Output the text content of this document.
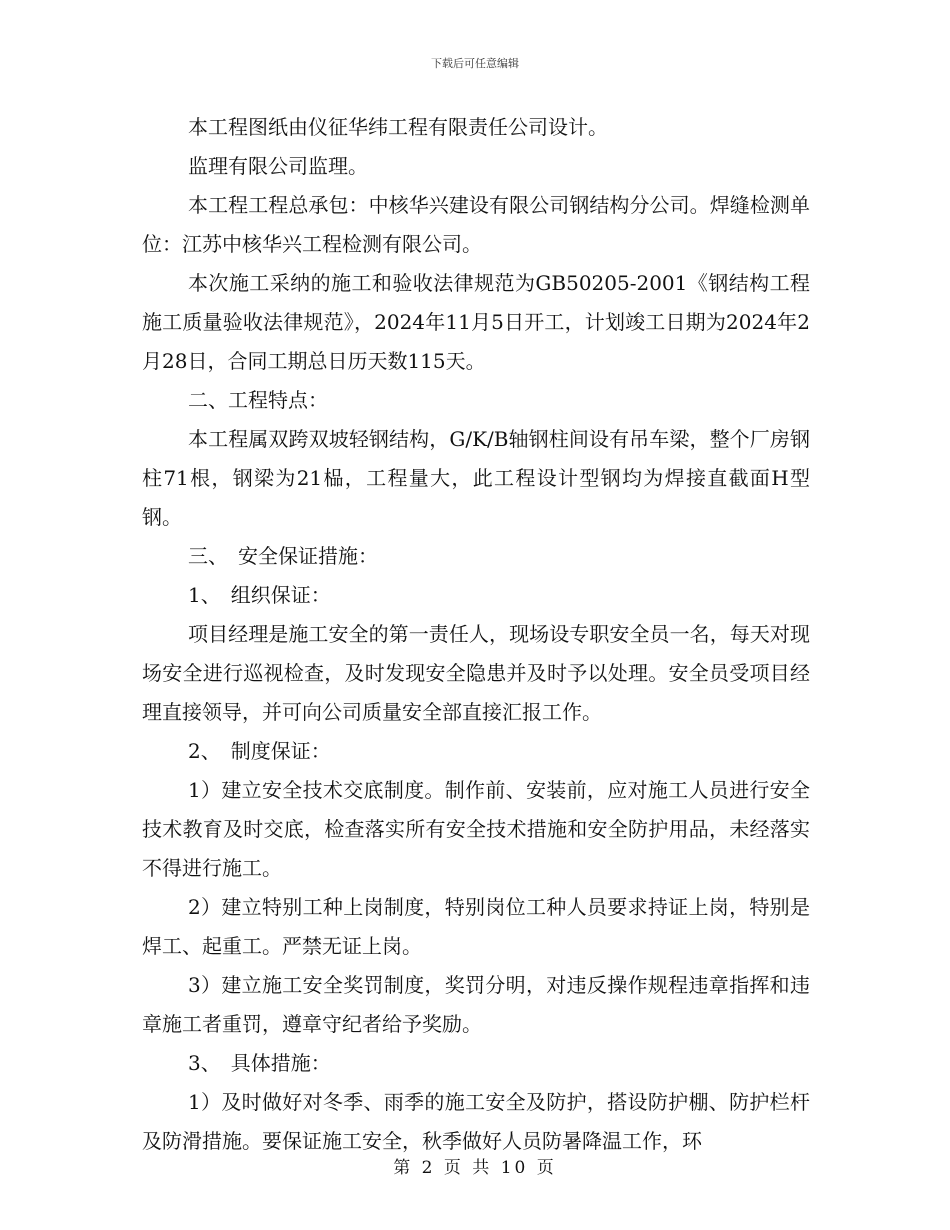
下载后可任意编辑

本工程图纸由仪征华纬工程有限责任公司设计。

监理有限公司监理。

本工程工程总承包：中核华兴建设有限公司钢结构分公司。焊缝检测单位：江苏中核华兴工程检测有限公司。

本次施工采纳的施工和验收法律规范为GB50205-2001《钢结构工程施工质量验收法律规范》，2024年11月5日开工，计划竣工日期为2024年2月28日，合同工期总日历天数115天。

二、工程特点：

本工程属双跨双坡轻钢结构，G/K/B轴钢柱间设有吊车梁，整个厂房钢柱71根，钢梁为21榀，工程量大，此工程设计型钢均为焊接直截面H型钢。

三、　安全保证措施：

1、　组织保证：

项目经理是施工安全的第一责任人，现场设专职安全员一名，每天对现场安全进行巡视检查，及时发现安全隐患并及时予以处理。安全员受项目经理直接领导，并可向公司质量安全部直接汇报工作。

2、　制度保证：

1）建立安全技术交底制度。制作前、安装前，应对施工人员进行安全技术教育及时交底，检查落实所有安全技术措施和安全防护用品，未经落实不得进行施工。

2）建立特别工种上岗制度，特别岗位工种人员要求持证上岗，特别是焊工、起重工。严禁无证上岗。

3）建立施工安全奖罚制度，奖罚分明，对违反操作规程违章指挥和违章施工者重罚，遵章守纪者给予奖励。

3、　具体措施：

1）及时做好对冬季、雨季的施工安全及防护，搭设防护棚、防护栏杆及防滑措施。要保证施工安全，秋季做好人员防暑降温工作，环

第 2 页 共 10 页
